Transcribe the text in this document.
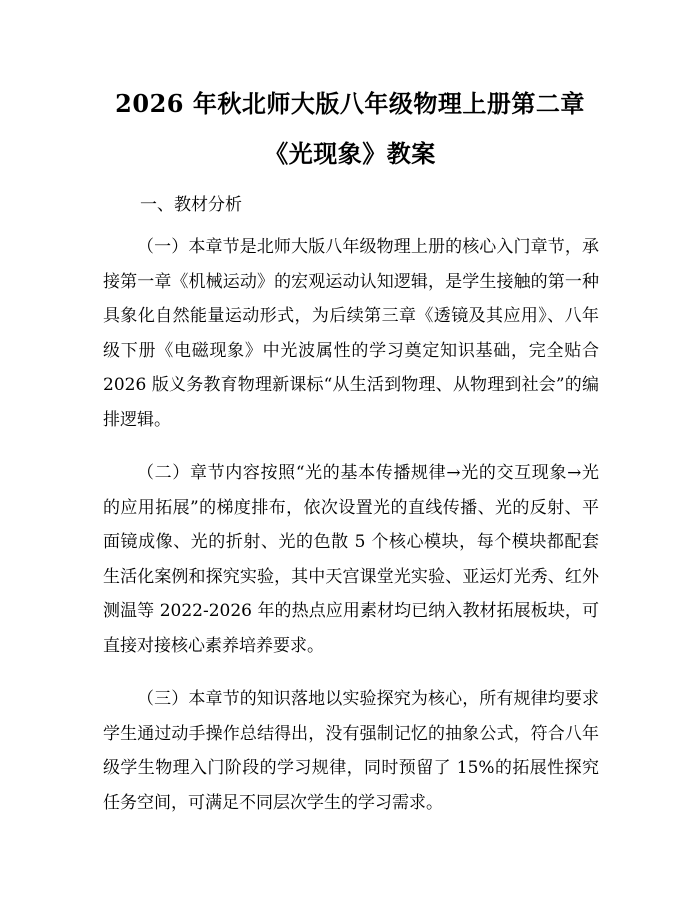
2026 年秋北师大版八年级物理上册第二章
《光现象》教案

一、教材分析

（一）本章节是北师大版八年级物理上册的核心入门章节，承接第一章《机械运动》的宏观运动认知逻辑，是学生接触的第一种具象化自然能量运动形式，为后续第三章《透镜及其应用》、八年级下册《电磁现象》中光波属性的学习奠定知识基础，完全贴合 2026 版义务教育物理新课标“从生活到物理、从物理到社会”的编排逻辑。

（二）章节内容按照“光的基本传播规律→光的交互现象→光的应用拓展”的梯度排布，依次设置光的直线传播、光的反射、平面镜成像、光的折射、光的色散 5 个核心模块，每个模块都配套生活化案例和探究实验，其中天宫课堂光实验、亚运灯光秀、红外测温等 2022-2026 年的热点应用素材均已纳入教材拓展板块，可直接对接核心素养培养要求。

（三）本章节的知识落地以实验探究为核心，所有规律均要求学生通过动手操作总结得出，没有强制记忆的抽象公式，符合八年级学生物理入门阶段的学习规律，同时预留了 15%的拓展性探究任务空间，可满足不同层次学生的学习需求。
